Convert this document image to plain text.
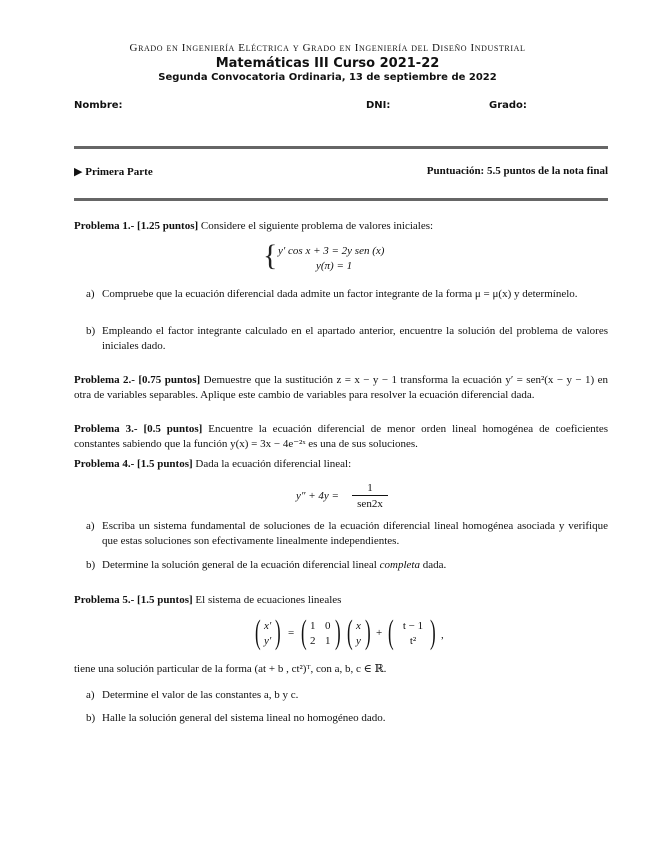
Grado en Ingeniería Eléctrica y Grado en Ingeniería del Diseño Industrial
Matemáticas III Curso 2021-22
Segunda Convocatoria Ordinaria, 13 de septiembre de 2022
Nombre:	DNI:	Grado:
▶ Primera Parte	Puntuación: 5.5 puntos de la nota final
Problema 1.- [1.25 puntos] Considere el siguiente problema de valores iniciales:
{ y′ cos x + 3 = 2y sen (x)
y(π) = 1
a) Compruebe que la ecuación diferencial dada admite un factor integrante de la forma μ = μ(x) y determínelo.
b) Empleando el factor integrante calculado en el apartado anterior, encuentre la solución del problema de valores iniciales dado.
Problema 2.- [0.75 puntos] Demuestre que la sustitución z = x − y − 1 transforma la ecuación y′ = sen²(x − y − 1) en otra de variables separables. Aplique este cambio de variables para resolver la ecuación diferencial dada.
Problema 3.- [0.5 puntos] Encuentre la ecuación diferencial de menor orden lineal homogénea de coeficientes constantes sabiendo que la función y(x) = 3x − 4e⁻²ˣ es una de sus soluciones.
Problema 4.- [1.5 puntos] Dada la ecuación diferencial lineal:
y″ + 4y =
1
sen2x
a) Escriba un sistema fundamental de soluciones de la ecuación diferencial lineal homogénea asociada y verifique que estas soluciones son efectivamente linealmente independientes.
b) Determine la solución general de la ecuación diferencial lineal completa dada.
Problema 5.- [1.5 puntos] El sistema de ecuaciones lineales
( x′
y′ ) = ( 1 0
2 1 ) ( x
y ) + ( t − 1
t² ) ,
tiene una solución particular de la forma (at + b , ct²)ᵀ, con a, b, c ∈ ℝ.
a) Determine el valor de las constantes a, b y c.
b) Halle la solución general del sistema lineal no homogéneo dado.
